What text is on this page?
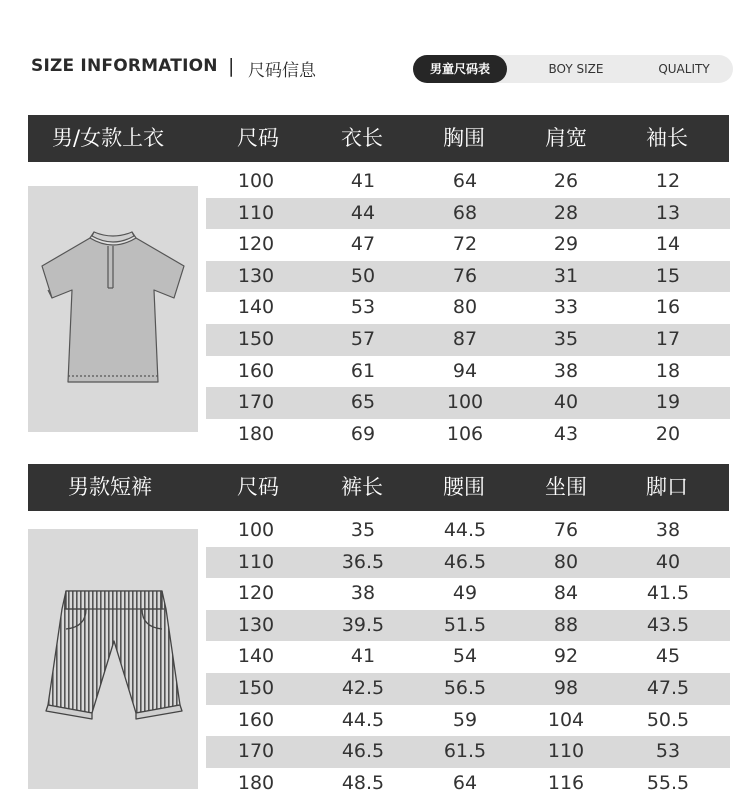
SIZE INFORMATION | 尺码信息	男童尺码表	BOY SIZE	QUALITY
男/女款上衣	尺码	衣长	胸围	肩宽	袖长
100	41	64	26	12
110	44	68	28	13
120	47	72	29	14
130	50	76	31	15
140	53	80	33	16
150	57	87	35	17
160	61	94	38	18
170	65	100	40	19
180	69	106	43	20
男款短裤	尺码	裤长	腰围	坐围	脚口
100	35	44.5	76	38
110	36.5	46.5	80	40
120	38	49	84	41.5
130	39.5	51.5	88	43.5
140	41	54	92	45
150	42.5	56.5	98	47.5
160	44.5	59	104	50.5
170	46.5	61.5	110	53
180	48.5	64	116	55.5
